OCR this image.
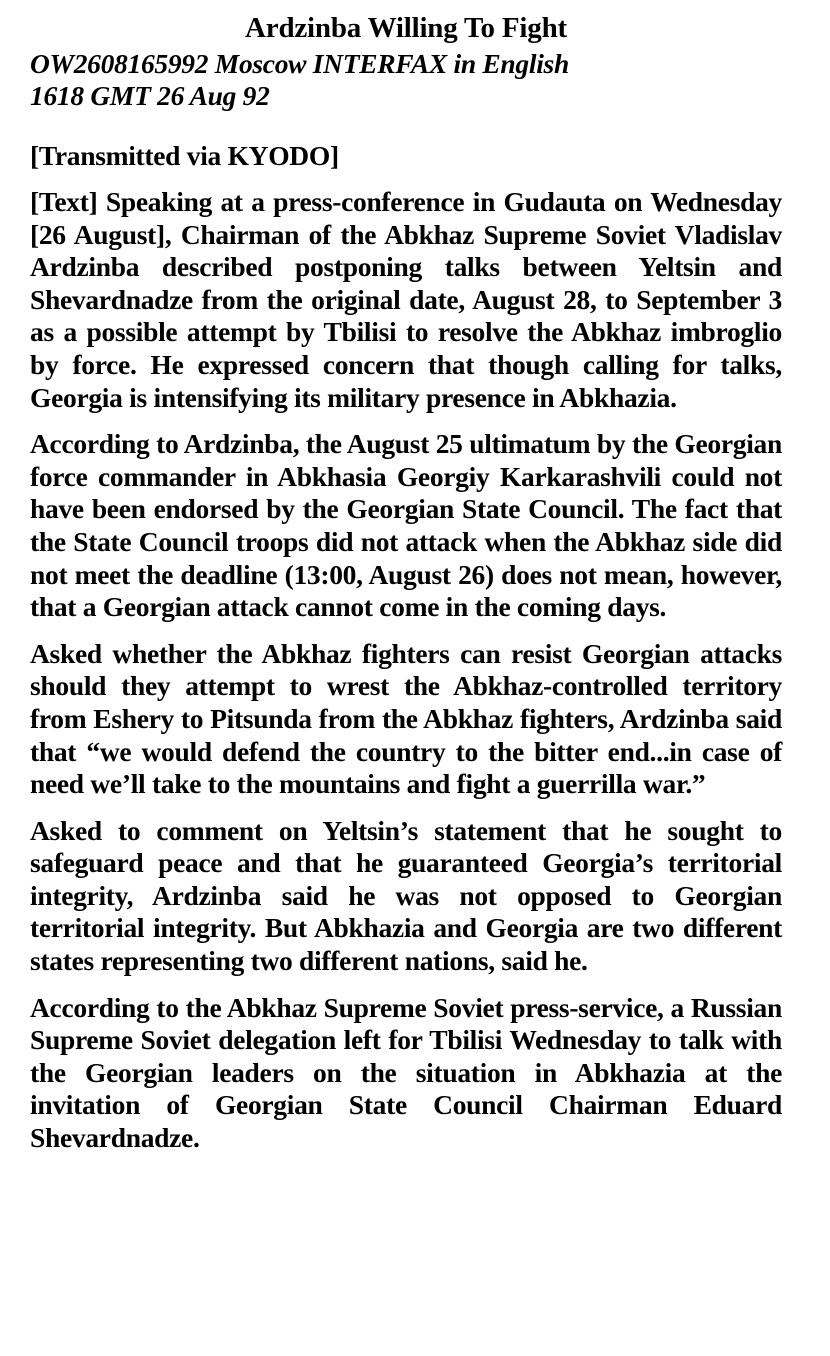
Ardzinba Willing To Fight
OW2608165992 Moscow INTERFAX in English
1618 GMT 26 Aug 92
[Transmitted via KYODO]

[Text] Speaking at a press-conference in Gudauta on Wednesday [26 August], Chairman of the Abkhaz Supreme Soviet Vladislav Ardzinba described postponing talks between Yeltsin and Shevardnadze from the original date, August 28, to September 3 as a possible attempt by Tbilisi to resolve the Abkhaz imbroglio by force. He expressed concern that though calling for talks, Georgia is intensifying its military presence in Abkhazia.

According to Ardzinba, the August 25 ultimatum by the Georgian force commander in Abkhasia Georgiy Karkarashvili could not have been endorsed by the Georgian State Council. The fact that the State Council troops did not attack when the Abkhaz side did not meet the deadline (13:00, August 26) does not mean, however, that a Georgian attack cannot come in the coming days.

Asked whether the Abkhaz fighters can resist Georgian attacks should they attempt to wrest the Abkhaz-controlled territory from Eshery to Pitsunda from the Abkhaz fighters, Ardzinba said that “we would defend the country to the bitter end...in case of need we’ll take to the mountains and fight a guerrilla war.”

Asked to comment on Yeltsin’s statement that he sought to safeguard peace and that he guaranteed Georgia’s territorial integrity, Ardzinba said he was not opposed to Georgian territorial integrity. But Abkhazia and Georgia are two different states representing two different nations, said he.

According to the Abkhaz Supreme Soviet press-service, a Russian Supreme Soviet delegation left for Tbilisi Wednesday to talk with the Georgian leaders on the situation in Abkhazia at the invitation of Georgian State Council Chairman Eduard Shevardnadze.
